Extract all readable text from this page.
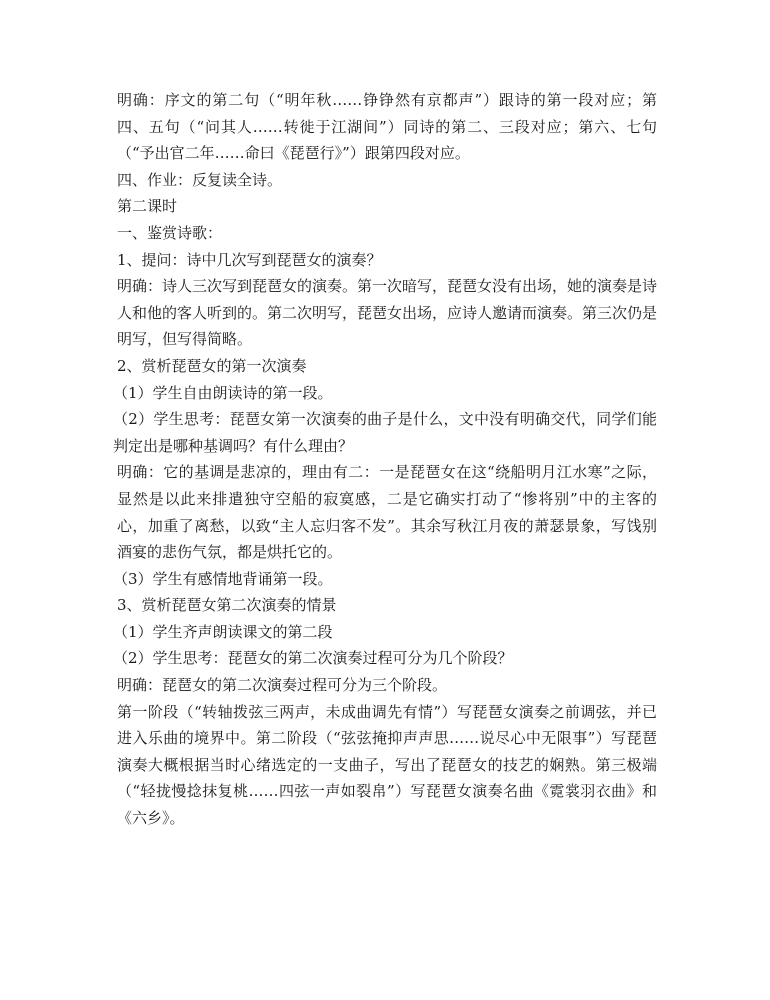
明确：序文的第二句（“明年秋……铮铮然有京都声”）跟诗的第一段对应；第四、五句（“问其人……转徙于江湖间”）同诗的第二、三段对应；第六、七句（“予出官二年……命曰《琵琶行》”）跟第四段对应。

四、作业：反复读全诗。

第二课时

一、鉴赏诗歌：

1、提问：诗中几次写到琵琶女的演奏？

明确：诗人三次写到琵琶女的演奏。第一次暗写，琵琶女没有出场，她的演奏是诗人和他的客人听到的。第二次明写，琵琶女出场，应诗人邀请而演奏。第三次仍是明写，但写得简略。

2、赏析琵琶女的第一次演奏

（1）学生自由朗读诗的第一段。

（2）学生思考：琵琶女第一次演奏的曲子是什么，文中没有明确交代，同学们能判定出是哪种基调吗？有什么理由？

明确：它的基调是悲凉的，理由有二：一是琵琶女在这“绕船明月江水寒”之际，显然是以此来排遣独守空船的寂寞感，二是它确实打动了“惨将别”中的主客的心，加重了离愁，以致“主人忘归客不发”。其余写秋江月夜的萧瑟景象，写饯别酒宴的悲伤气氛，都是烘托它的。

（3）学生有感情地背诵第一段。

3、赏析琵琶女第二次演奏的情景

（1）学生齐声朗读课文的第二段

（2）学生思考：琵琶女的第二次演奏过程可分为几个阶段？

明确：琵琶女的第二次演奏过程可分为三个阶段。

第一阶段（“转轴拨弦三两声，未成曲调先有情”）写琵琶女演奏之前调弦，并已进入乐曲的境界中。第二阶段（“弦弦掩抑声声思……说尽心中无限事”）写琵琶演奏大概根据当时心绪选定的一支曲子，写出了琵琶女的技艺的娴熟。第三极端（“轻拢慢捻抹复桃……四弦一声如裂帛”）写琵琶女演奏名曲《霓裳羽衣曲》和《六乡》。
